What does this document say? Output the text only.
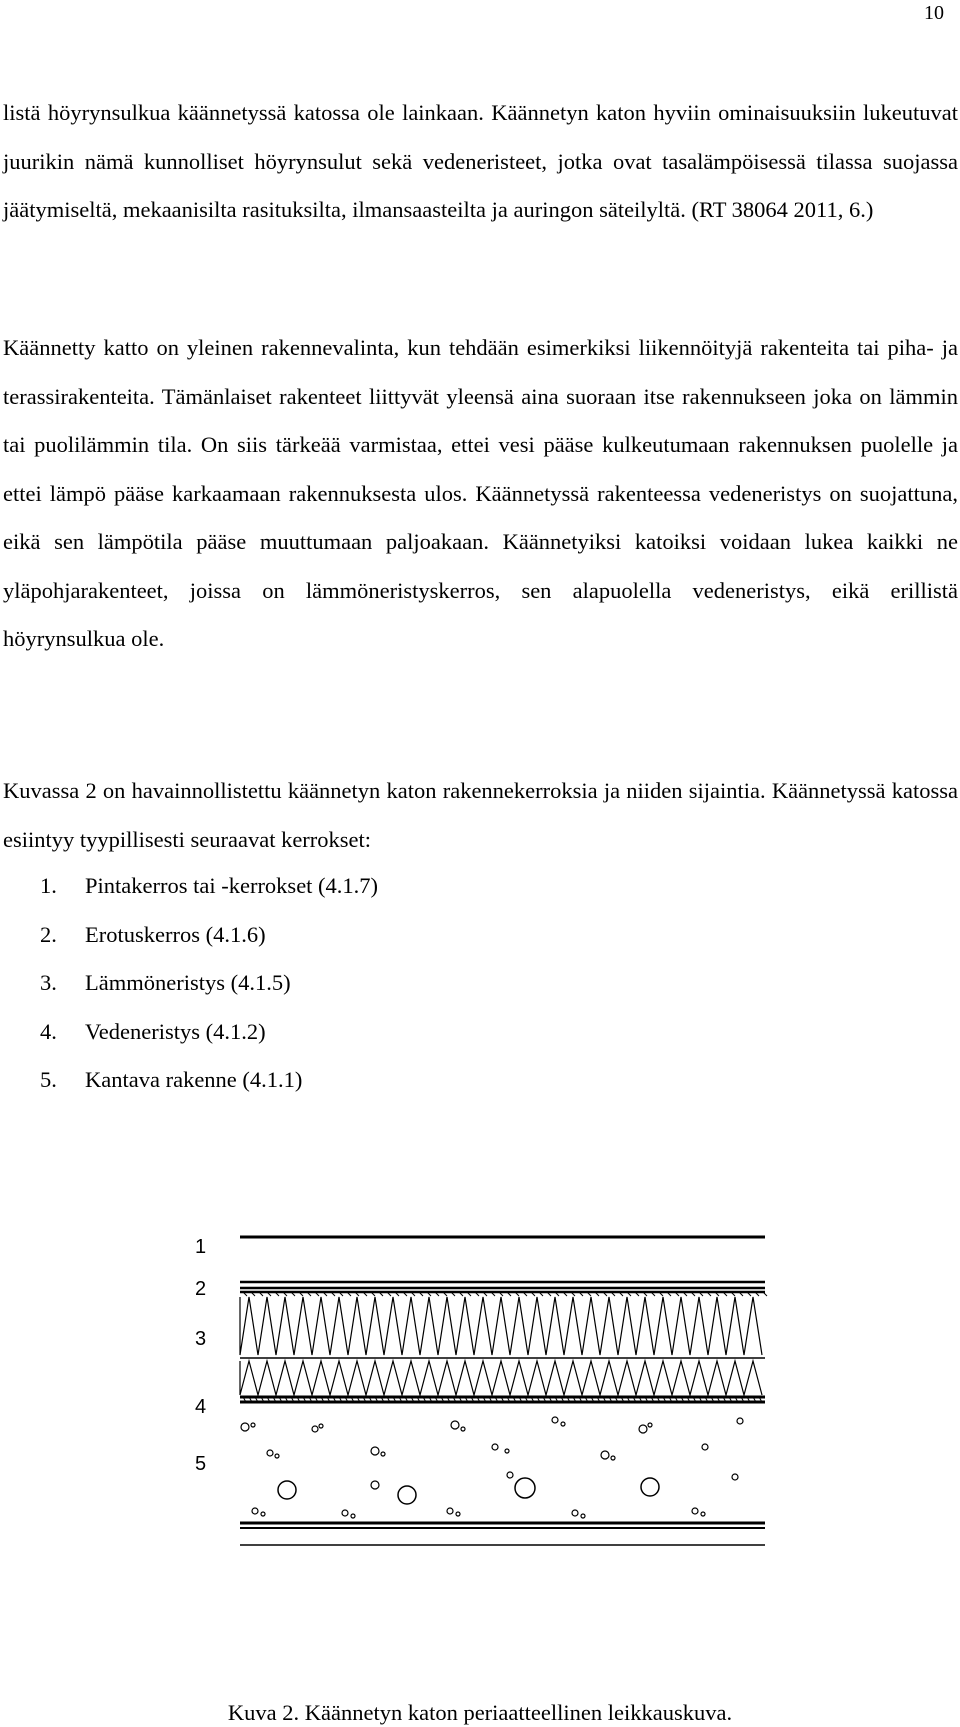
10

listä höyrynsulkua käännetyssä katossa ole lainkaan. Käännetyn katon hyviin ominaisuuksiin lukeutuvat juurikin nämä kunnolliset höyrynsulut sekä vedeneristeet, jotka ovat tasalämpöisessä tilassa suojassa jäätymiseltä, mekaanisilta rasituksilta, ilmansaasteilta ja auringon säteilyltä. (RT 38064 2011, 6.)

Käännetty katto on yleinen rakennevalinta, kun tehdään esimerkiksi liikennöityjä rakenteita tai piha- ja terassirakenteita. Tämänlaiset rakenteet liittyvät yleensä aina suoraan itse rakennukseen joka on lämmin tai puolilämmin tila. On siis tärkeää varmistaa, ettei vesi pääse kulkeutumaan rakennuksen puolelle ja ettei lämpö pääse karkaamaan rakennuksesta ulos. Käännetyssä rakenteessa vedeneristys on suojattuna, eikä sen lämpötila pääse muuttumaan paljoakaan. Käännetyiksi katoiksi voidaan lukea kaikki ne yläpohjarakenteet, joissa on lämmöneristyskerros, sen alapuolella vedeneristys, eikä erillistä höyrynsulkua ole.

Kuvassa 2 on havainnollistettu käännetyn katon rakennekerroksia ja niiden sijaintia. Käännetyssä katossa esiintyy tyypillisesti seuraavat kerrokset:

1. Pintakerros tai -kerrokset (4.1.7)
2. Erotuskerros (4.1.6)
3. Lämmöneristys (4.1.5)
4. Vedeneristys (4.1.2)
5. Kantava rakenne (4.1.1)
1
2
3
4
5
Kuva 2. Käännetyn katon periaatteellinen leikkauskuva.
